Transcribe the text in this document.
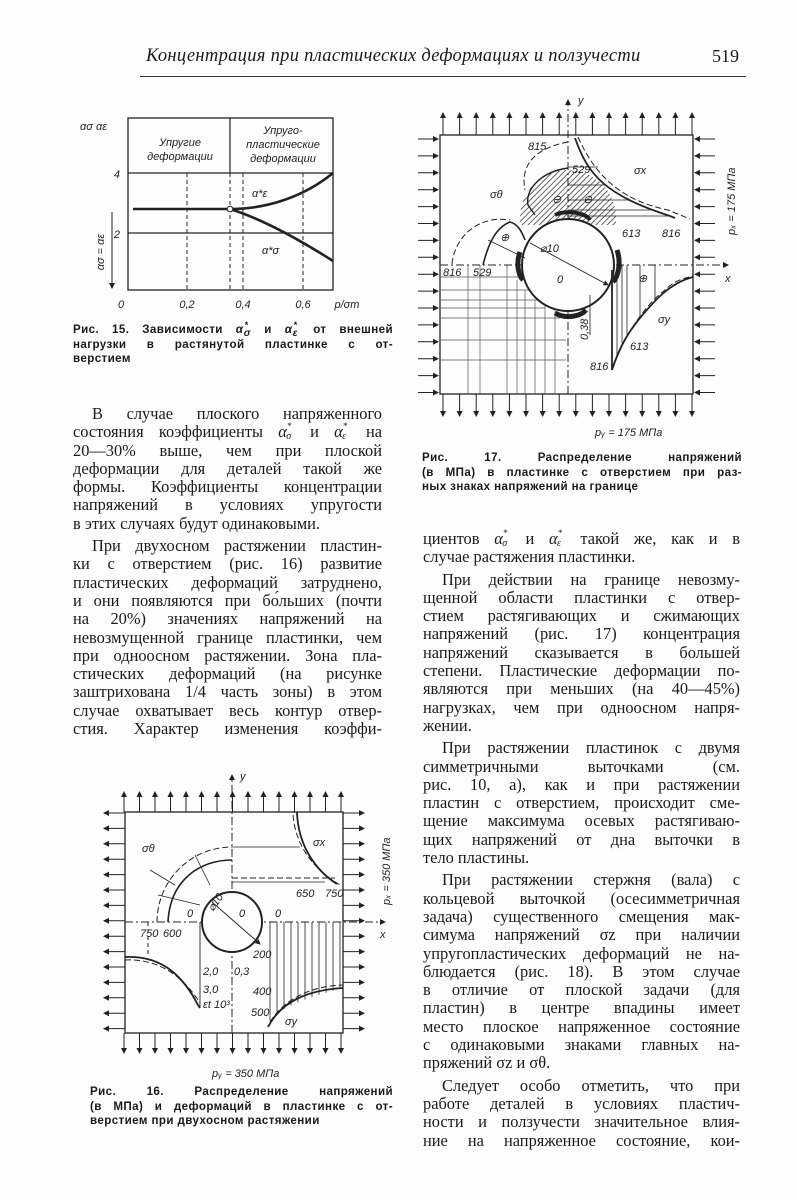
Концентрация при пластических деформациях и ползучести	519
ασ αε
Упругие
деформации
Упруго-
пластические
деформации
α*ε
α*σ
4
2
0	0,2	0,4	0,6 p/σт
ασ = αε
y
x
815
529	σx
σθ	⊖ ⊖
⊕
⊕
⌀10
0
816 529
613 816
0,38	σy
613
816
pₓ = 175 МПа
pᵧ = 175 МПа
y
x
σθ	σx
650 750
⌀10
0	0	0
750 600
2,0
3,0
εt 10³
0,3
200
400
500
σy
pₓ = 350 МПа
pᵧ = 350 МПа
Рис. 15. Зависимости α *
σ и α *
ε от внешней
нагрузки в растянутой пластинке с от-
верстием
Рис. 17. Распределение напряжений
(в МПа) в пластинке с отверстием при раз-
ных знаках напряжений на границе
Рис. 16. Распределение напряжений
(в МПа) и деформаций в пластинке с от-
верстием при двухосном растяжении
В случае плоского напряженного
состояния коэффициенты α *
σ и α *
ε на
20—30% выше, чем при плоской
деформации для деталей такой же
формы. Коэффициенты концентрации
напряжений в условиях упругости
в этих случаях будут одинаковыми.
При двухосном растяжении пластин-
ки с отверстием (рис. 16) развитие
пластических деформаций затруднено,
и они появляются при бо́льших (почти
на 20%) значениях напряжений на
невозмущенной границе пластинки, чем
при одноосном растяжении. Зона пла-
стических деформаций (на рисунке
заштрихована 1/4 часть зоны) в этом
случае охватывает весь контур отвер-
стия. Характер изменения коэффи-
циентов α *
σ и α *
ε такой же, как и в
случае растяжения пластинки.
При действии на границе невозму-
щенной области пластинки с отвер-
стием растягивающих и сжимающих
напряжений (рис. 17) концентрация
напряжений сказывается в большей
степени. Пластические деформации по-
являются при меньших (на 40—45%)
нагрузках, чем при одноосном напря-
жении.
При растяжении пластинок с двумя
симметричными выточками (см.
рис. 10, а), как и при растяжении
пластин с отверстием, происходит сме-
щение максимума осевых растягиваю-
щих напряжений от дна выточки в
тело пластины.
При растяжении стержня (вала) с
кольцевой выточкой (осесимметричная
задача) существенного смещения мак-
симума напряжений σz при наличии
упругопластических деформаций не на-
блюдается (рис. 18). В этом случае
в отличие от плоской задачи (для
пластин) в центре впадины имеет
место плоское напряженное состояние
с одинаковыми знаками главных на-
пряжений σz и σθ.
Следует особо отметить, что при
работе деталей в условиях пластич-
ности и ползучести значительное влия-
ние на напряженное состояние, кои-
